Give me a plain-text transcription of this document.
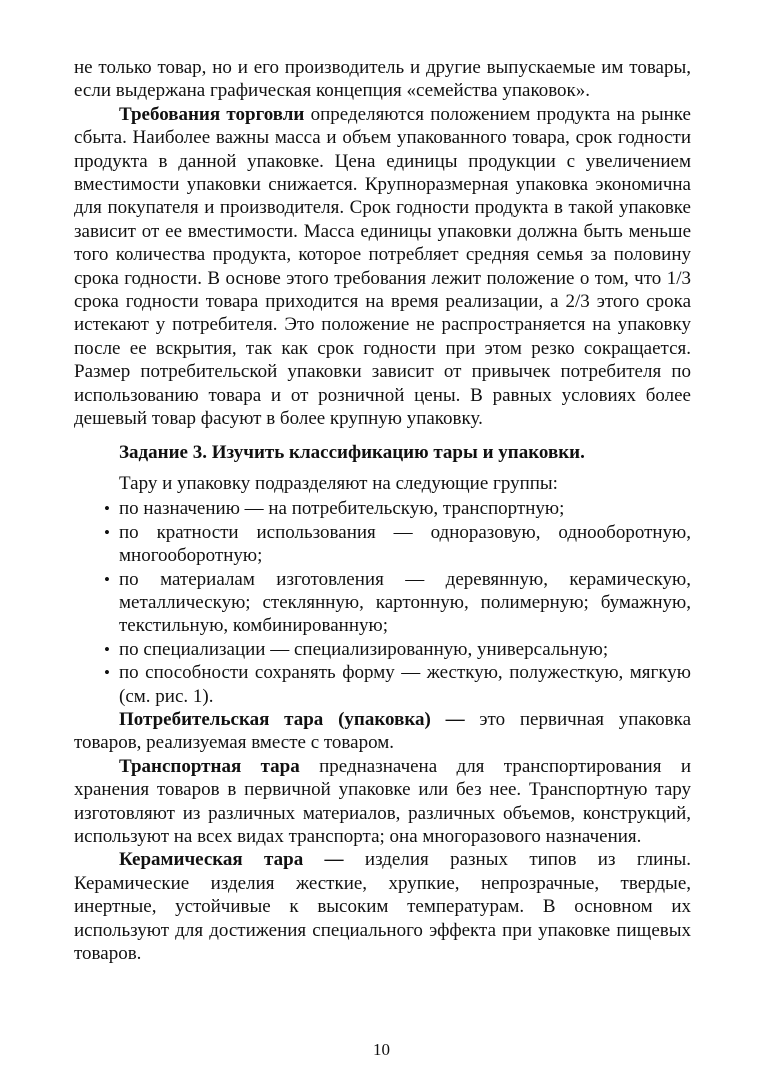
не только товар, но и его производитель и другие выпускаемые им товары, если выдержана графическая концепция «семейства упаковок».

Требования торговли определяются положением продукта на рынке сбыта. Наиболее важны масса и объем упакованного товара, срок годности продукта в данной упаковке. Цена единицы продукции с увеличением вместимости упаковки снижается. Крупноразмерная упаковка экономична для покупателя и производителя. Срок годности продукта в такой упаковке зависит от ее вместимости. Масса единицы упаковки должна быть меньше того количества продукта, которое потребляет средняя семья за половину срока годности. В основе этого требования лежит положение о том, что 1/3 срока годности товара приходится на время реализации, а 2/3 этого срока истекают у потребителя. Это положение не распространяется на упаковку после ее вскрытия, так как срок годности при этом резко сокращается. Размер потребительской упаковки зависит от привычек потребителя по использованию товара и от розничной цены. В равных условиях более дешевый товар фасуют в более крупную упаковку.

Задание 3. Изучить классификацию тары и упаковки.

Тару и упаковку подразделяют на следующие группы:

• по назначению — на потребительскую, транспортную;
• по кратности использования — одноразовую, однооборотную, многооборотную;
• по материалам изготовления — деревянную, керамическую, металлическую; стеклянную, картонную, полимерную; бумажную, текстильную, комбинированную;
• по специализации — специализированную, универсальную;
• по способности сохранять форму — жесткую, полужесткую, мягкую (см. рис. 1).

Потребительская тара (упаковка) — это первичная упаковка товаров, реализуемая вместе с товаром.

Транспортная тара предназначена для транспортирования и хранения товаров в первичной упаковке или без нее. Транспортную тару изготовляют из различных материалов, различных объемов, конструкций, используют на всех видах транспорта; она многоразового назначения.

Керамическая тара — изделия разных типов из глины. Керамические изделия жесткие, хрупкие, непрозрачные, твердые, инертные, устойчивые к высоким температурам. В основном их используют для достижения специального эффекта при упаковке пищевых товаров.

10
